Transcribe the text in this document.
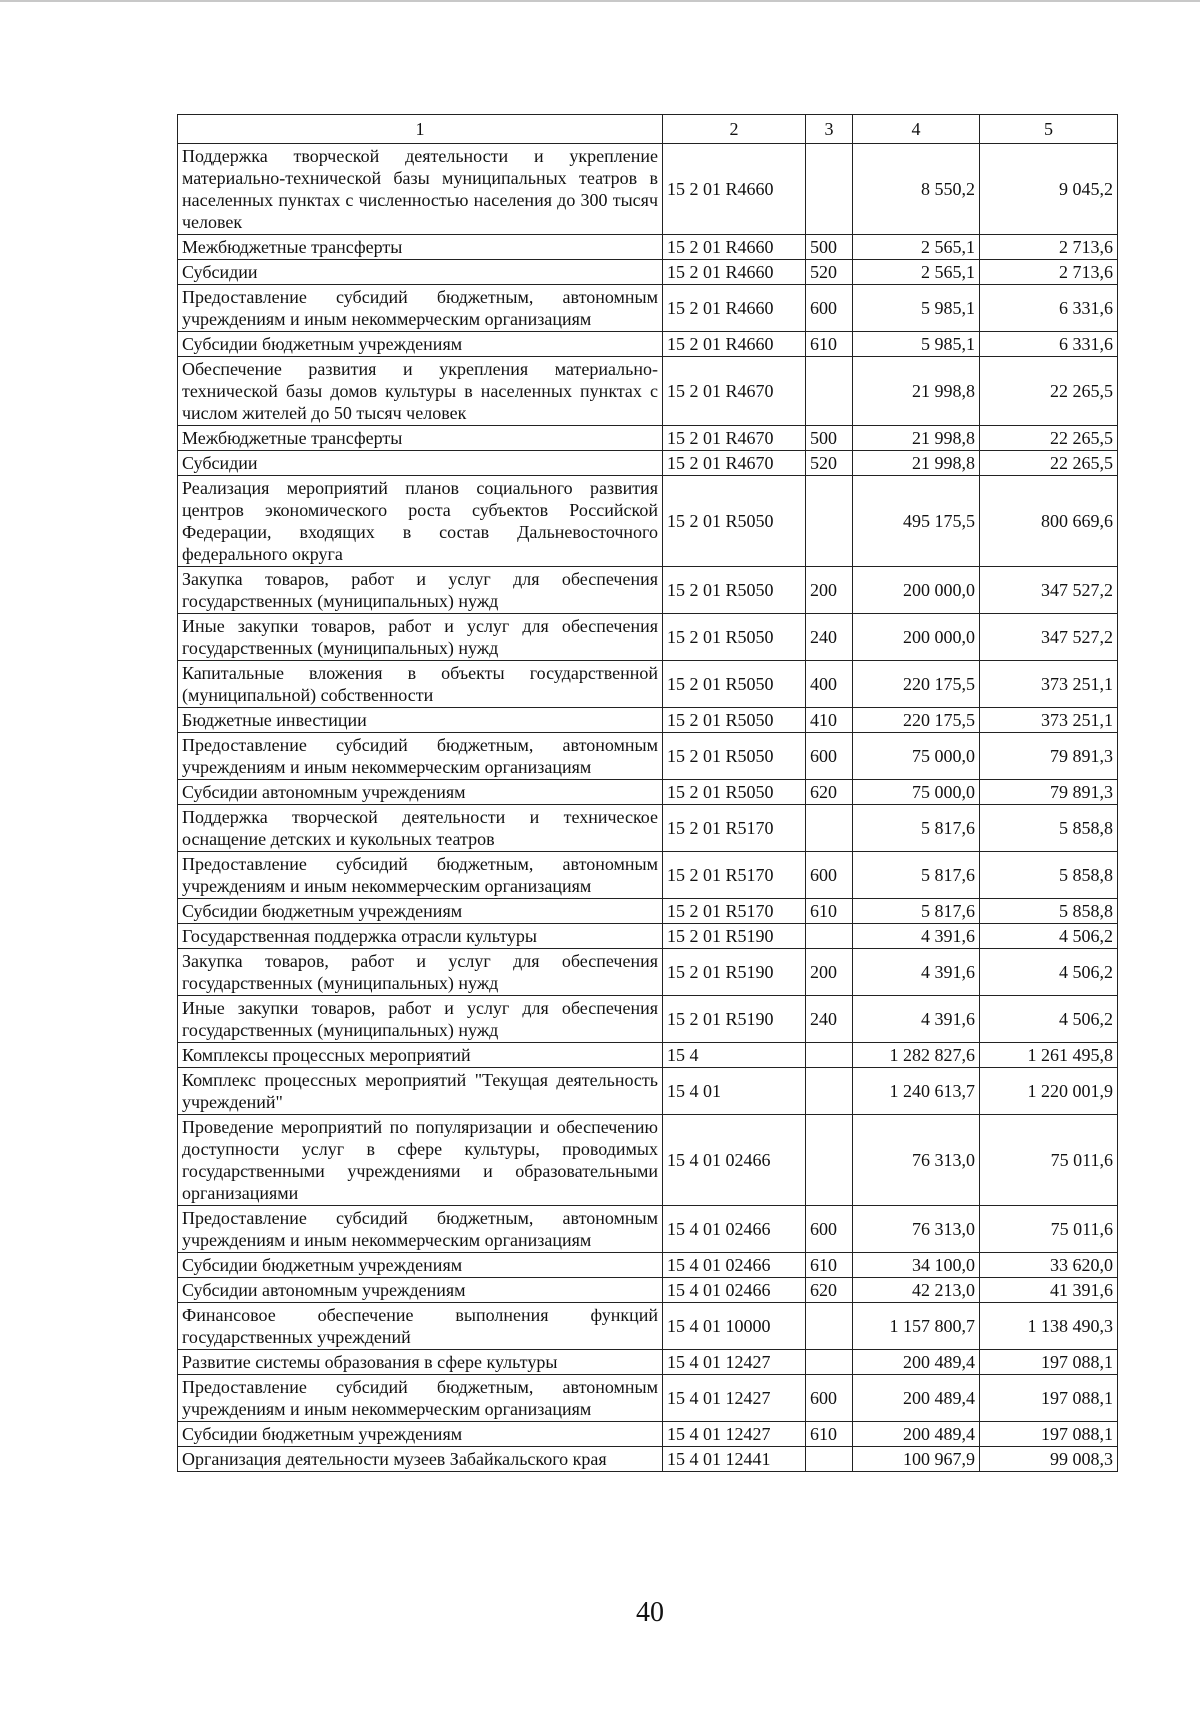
1	2	3	4	5
Поддержка творческой деятельности и укрепление материально-технической базы муниципальных театров в населенных пунктах с численностью населения до 300 тысяч человек	15 2 01 R4660		8 550,2	9 045,2
Межбюджетные трансферты	15 2 01 R4660	500	2 565,1	2 713,6
Субсидии	15 2 01 R4660	520	2 565,1	2 713,6
Предоставление субсидий бюджетным, автономным учреждениям и иным некоммерческим организациям	15 2 01 R4660	600	5 985,1	6 331,6
Субсидии бюджетным учреждениям	15 2 01 R4660	610	5 985,1	6 331,6
Обеспечение развития и укрепления материально-технической базы домов культуры в населенных пунктах с числом жителей до 50 тысяч человек	15 2 01 R4670		21 998,8	22 265,5
Межбюджетные трансферты	15 2 01 R4670	500	21 998,8	22 265,5
Субсидии	15 2 01 R4670	520	21 998,8	22 265,5
Реализация мероприятий планов социального развития центров экономического роста субъектов Российской Федерации, входящих в состав Дальневосточного федерального округа	15 2 01 R5050		495 175,5	800 669,6
Закупка товаров, работ и услуг для обеспечения государственных (муниципальных) нужд	15 2 01 R5050	200	200 000,0	347 527,2
Иные закупки товаров, работ и услуг для обеспечения государственных (муниципальных) нужд	15 2 01 R5050	240	200 000,0	347 527,2
Капитальные вложения в объекты государственной (муниципальной) собственности	15 2 01 R5050	400	220 175,5	373 251,1
Бюджетные инвестиции	15 2 01 R5050	410	220 175,5	373 251,1
Предоставление субсидий бюджетным, автономным учреждениям и иным некоммерческим организациям	15 2 01 R5050	600	75 000,0	79 891,3
Субсидии автономным учреждениям	15 2 01 R5050	620	75 000,0	79 891,3
Поддержка творческой деятельности и техническое оснащение детских и кукольных театров	15 2 01 R5170		5 817,6	5 858,8
Предоставление субсидий бюджетным, автономным учреждениям и иным некоммерческим организациям	15 2 01 R5170	600	5 817,6	5 858,8
Субсидии бюджетным учреждениям	15 2 01 R5170	610	5 817,6	5 858,8
Государственная поддержка отрасли культуры	15 2 01 R5190		4 391,6	4 506,2
Закупка товаров, работ и услуг для обеспечения государственных (муниципальных) нужд	15 2 01 R5190	200	4 391,6	4 506,2
Иные закупки товаров, работ и услуг для обеспечения государственных (муниципальных) нужд	15 2 01 R5190	240	4 391,6	4 506,2
Комплексы процессных мероприятий	15 4		1 282 827,6	1 261 495,8
Комплекс процессных мероприятий "Текущая деятельность учреждений"	15 4 01		1 240 613,7	1 220 001,9
Проведение мероприятий по популяризации и обеспечению доступности услуг в сфере культуры, проводимых государственными учреждениями и образовательными организациями	15 4 01 02466		76 313,0	75 011,6
Предоставление субсидий бюджетным, автономным учреждениям и иным некоммерческим организациям	15 4 01 02466	600	76 313,0	75 011,6
Субсидии бюджетным учреждениям	15 4 01 02466	610	34 100,0	33 620,0
Субсидии автономным учреждениям	15 4 01 02466	620	42 213,0	41 391,6
Финансовое обеспечение выполнения функций государственных учреждений	15 4 01 10000		1 157 800,7	1 138 490,3
Развитие системы образования в сфере культуры	15 4 01 12427		200 489,4	197 088,1
Предоставление субсидий бюджетным, автономным учреждениям и иным некоммерческим организациям	15 4 01 12427	600	200 489,4	197 088,1
Субсидии бюджетным учреждениям	15 4 01 12427	610	200 489,4	197 088,1
Организация деятельности музеев Забайкальского края	15 4 01 12441		100 967,9	99 008,3
40
